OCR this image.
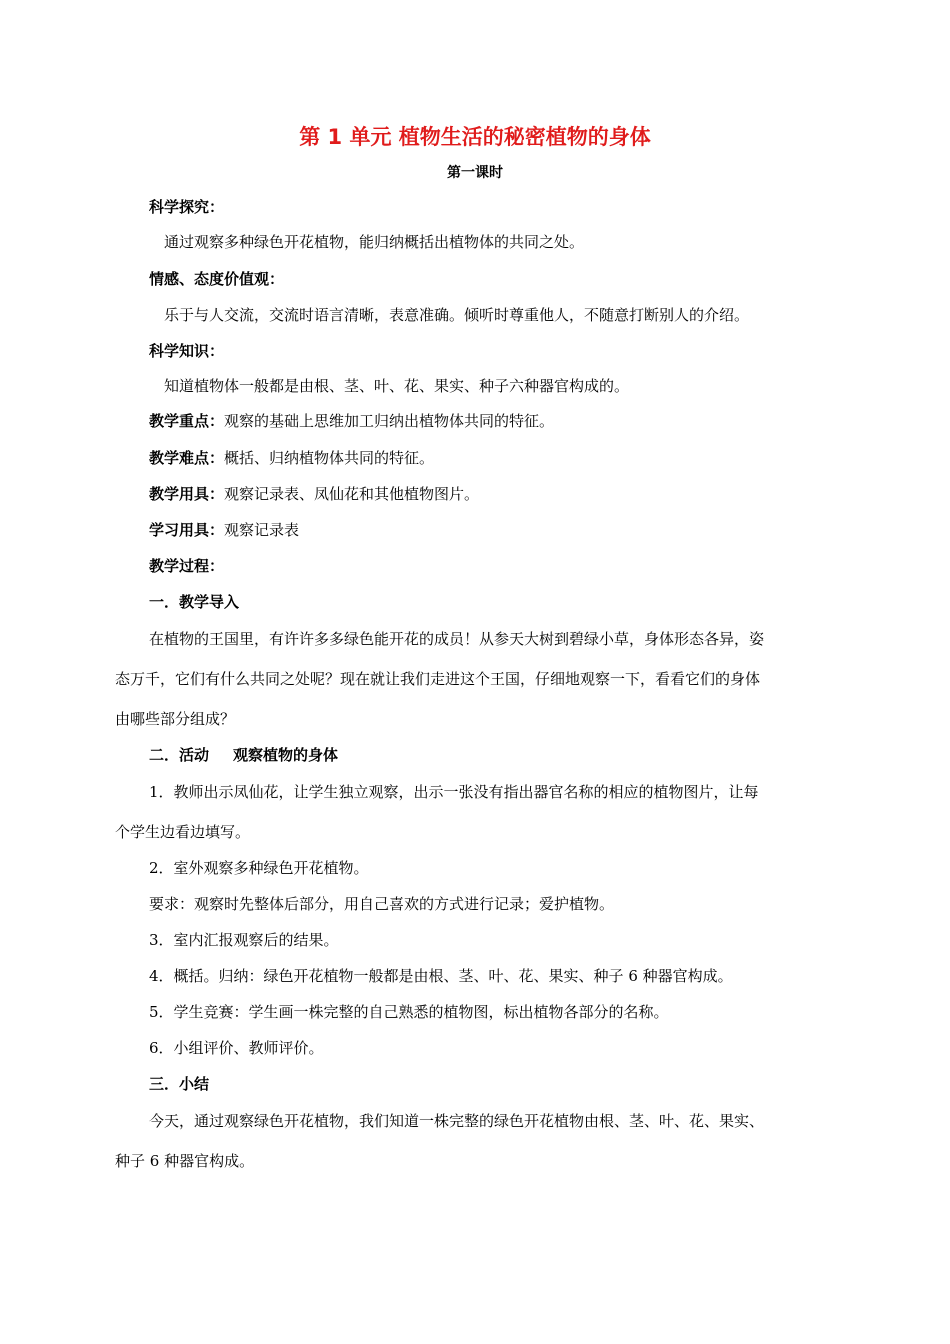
第 1 单元 植物生活的秘密植物的身体
第一课时
科学探究：
通过观察多种绿色开花植物，能归纳概括出植物体的共同之处。
情感、态度价值观：
乐于与人交流，交流时语言清晰，表意准确。倾听时尊重他人，不随意打断别人的介绍。
科学知识：
知道植物体一般都是由根、茎、叶、花、果实、种子六种器官构成的。
教学重点：观察的基础上思维加工归纳出植物体共同的特征。
教学难点：概括、归纳植物体共同的特征。
教学用具：观察记录表、凤仙花和其他植物图片。
学习用具：观察记录表
教学过程：
一．教学导入
在植物的王国里，有许许多多绿色能开花的成员！从参天大树到碧绿小草，身体形态各异，姿
态万千，它们有什么共同之处呢？现在就让我们走进这个王国，仔细地观察一下，看看它们的身体
由哪些部分组成？
二．活动 观察植物的身体
1．教师出示凤仙花，让学生独立观察，出示一张没有指出器官名称的相应的植物图片，让每
个学生边看边填写。
2．室外观察多种绿色开花植物。
要求：观察时先整体后部分，用自己喜欢的方式进行记录；爱护植物。
3．室内汇报观察后的结果。
4．概括。归纳：绿色开花植物一般都是由根、茎、叶、花、果实、种子 6 种器官构成。
5．学生竞赛：学生画一株完整的自己熟悉的植物图，标出植物各部分的名称。
6．小组评价、教师评价。
三．小结
今天，通过观察绿色开花植物，我们知道一株完整的绿色开花植物由根、茎、叶、花、果实、
种子 6 种器官构成。
